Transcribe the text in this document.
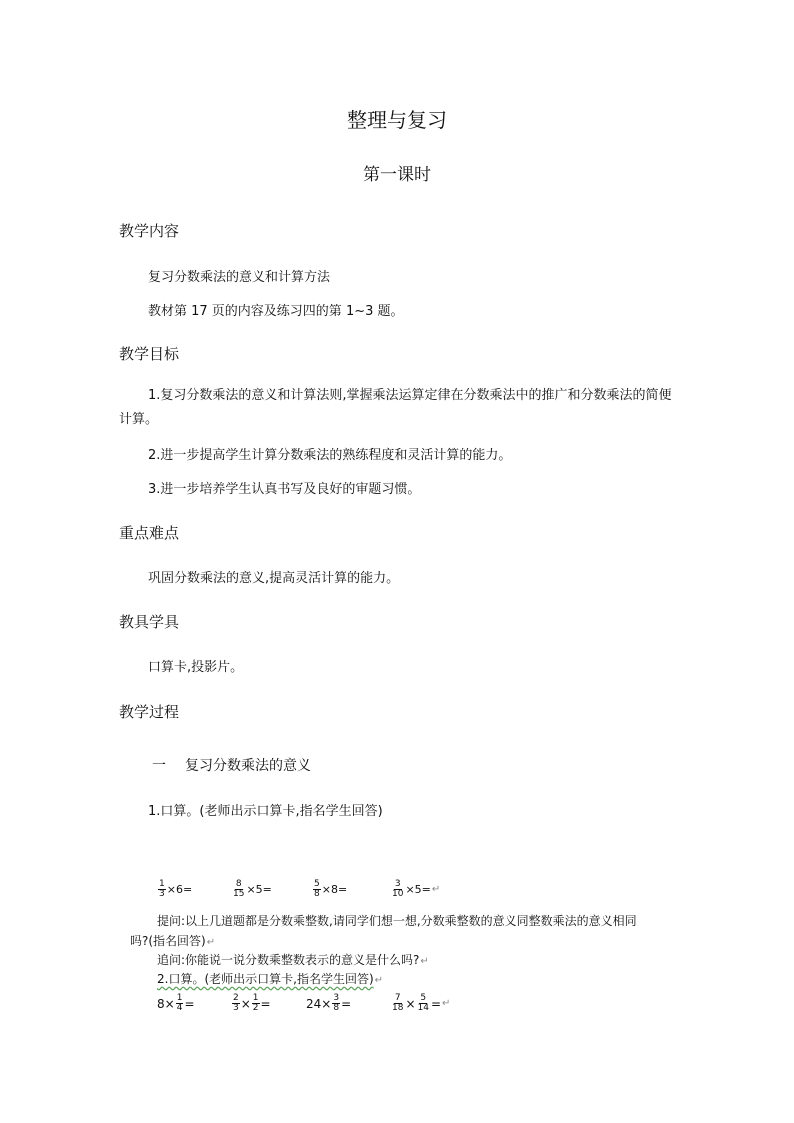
整理与复习
第一课时
教学内容
复习分数乘法的意义和计算方法
教材第 17 页的内容及练习四的第 1~3 题。
教学目标
1.复习分数乘法的意义和计算法则,掌握乘法运算定律在分数乘法中的推广和分数乘法的简便计算。
2.进一步提高学生计算分数乘法的熟练程度和灵活计算的能力。
3.进一步培养学生认真书写及良好的审题习惯。
重点难点
巩固分数乘法的意义,提高灵活计算的能力。
教具学具
口算卡,投影片。
教学过程
一 复习分数乘法的意义
1.口算。(老师出示口算卡,指名学生回答)
$\frac{1}{3} \times 6=$	$\frac{8}{15} \times 5=$	$\frac{5}{8} \times 8=$	$\frac{3}{10} \times 5=$ ↵
提问:以上几道题都是分数乘整数,请同学们想一想,分数乘整数的意义同整数乘法的意义相同
吗?(指名回答)↵
追问:你能说一说分数乘整数表示的意义是什么吗?↵
2.口算。(老师出示口算卡,指名学生回答)↵
$8\times \frac{1}{4}$ =	$\frac{2}{3} \times \frac{1}{2}$ =	$24\times \frac{3}{8}$ =	$\frac{7}{18} \times \frac{5}{14}$ = ↵
